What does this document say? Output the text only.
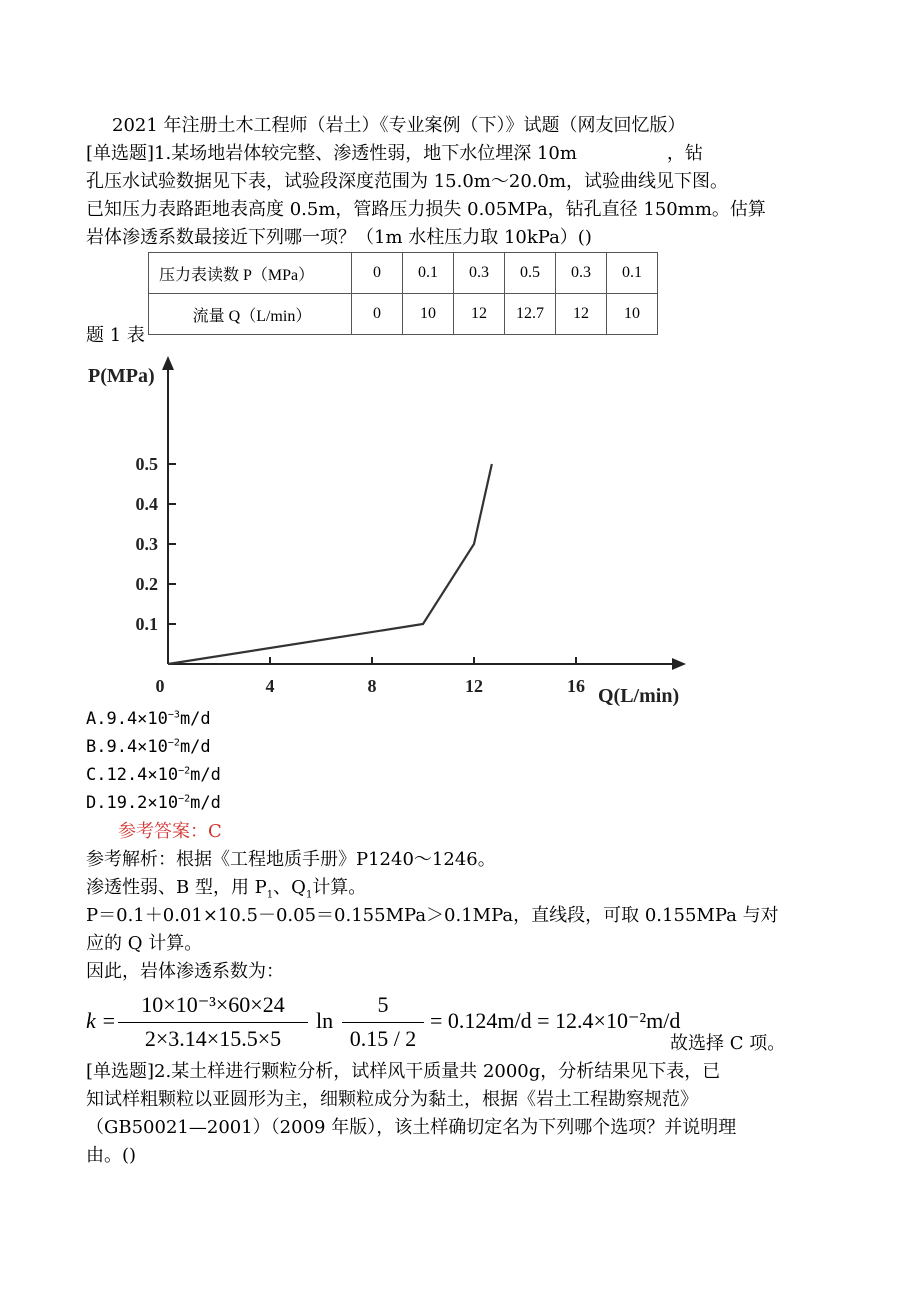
2021 年注册土木工程师（岩土）《专业案例（下）》试题（网友回忆版）
[单选题]1.某场地岩体较完整、渗透性弱，地下水位埋深 10m　　　　　，钻
孔压水试验数据见下表，试验段深度范围为 15.0m～20.0m，试验曲线见下图。
已知压力表路距地表高度 0.5m，管路压力损失 0.05MPa，钻孔直径 150mm。估算
岩体渗透系数最接近下列哪一项？（1m 水柱压力取 10kPa）()
压力表读数 P（MPa）	0	0.1	0.3	0.5	0.3	0.1
流量 Q（L/min）	0	10	12	12.7	12	10
题 1 表
4	8	12	16
0.1
0.2
0.3
0.4
0.5
P(MPa)
Q(L/min)
0
$A.9.4\times 10^{-3}m/d$
$B.9.4\times 10^{-2}m/d$
$C.12.4\times 10^{-2}m/d$
$D.19.2\times 10^{-2}m/d$
参考答案：C
参考解析：根据《工程地质手册》P1240～1246。
渗透性弱、B 型，用 $P_1$、$Q_1$计算。
P＝0.1＋0.01×10.5－0.05＝0.155MPa＞0.1MPa，直线段，可取 0.155MPa 与对
应的 Q 计算。
因此，岩体渗透系数为：
k =
10×10⁻³×60×24
2×3.14×15.5×5
ln
5
0.15 / 2
= 0.124m/d = 12.4×10⁻²m/d
故选择 C 项。
[单选题]2.某土样进行颗粒分析，试样风干质量共 2000g，分析结果见下表，已
知试样粗颗粒以亚圆形为主，细颗粒成分为黏土，根据《岩土工程勘察规范》
（GB50021—2001）（2009 年版），该土样确切定名为下列哪个选项？并说明理
由。()
